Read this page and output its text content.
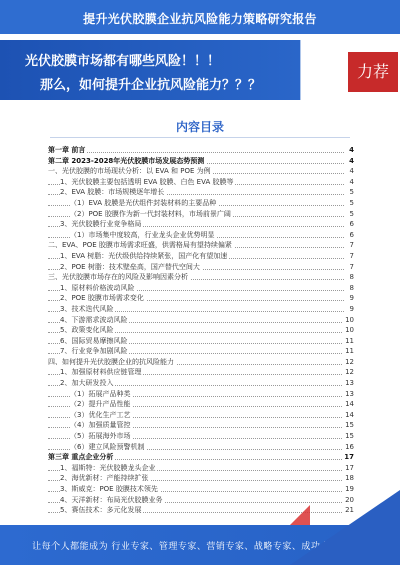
提升光伏胶膜企业抗风险能力策略研究报告
光伏胶膜市场都有哪些风险！！！
那么，如何提升企业抗风险能力？？？
力荐
内容目录
第一章 前言	4
第二章 2023-2028年光伏胶膜市场发展态势预测	4
一、光伏胶膜的市场现状分析：以 EVA 和 POE 为例	4
1、光伏胶膜主要包括透明 EVA 胶膜、白色 EVA 胶膜等	4
2、EVA 胶膜：市场规模逐年增长	5
（1）EVA 胶膜是光伏组件封装材料的主要品种	5
（2）POE 胶膜作为新一代封装材料，市场前景广阔	5
3、光伏胶膜行业竞争格局	6
（1）市场集中度较高，行业龙头企业优势明显	6
二、EVA、POE 胶膜市场需求旺盛，供需格局有望持续偏紧	7
1、EVA 树脂：光伏级供给持续紧张，国产化有望加速	7
2、POE 树脂：技术壁垒高，国产替代空间大	7
三、光伏胶膜市场存在的风险及影响因素分析	8
1、原材料价格波动风险	8
2、POE 胶膜市场需求变化	9
3、技术迭代风险	9
4、下游需求波动风险	10
5、政策变化风险	10
6、国际贸易摩擦风险	11
7、行业竞争加剧风险	11
四、如何提升光伏胶膜企业的抗风险能力	12
1、加强原材料供应链管理	12
2、加大研发投入	13
（1）拓展产品种类	13
（2）提升产品性能	14
（3）优化生产工艺	14
（4）加强质量管控	15
（5）拓展海外市场	15
（6）建立风险预警机制	16
第三章 重点企业分析	17
1、福斯特：光伏胶膜龙头企业	17
2、海优新材：产能持续扩张	18
3、斯威克：POE 胶膜技术领先	19
4、天洋新材：布局光伏胶膜业务	20
5、赛伍技术：多元化发展	21
让每个人都能成为 行业专家、管理专家、营销专家、战略专家、成功企业家……
